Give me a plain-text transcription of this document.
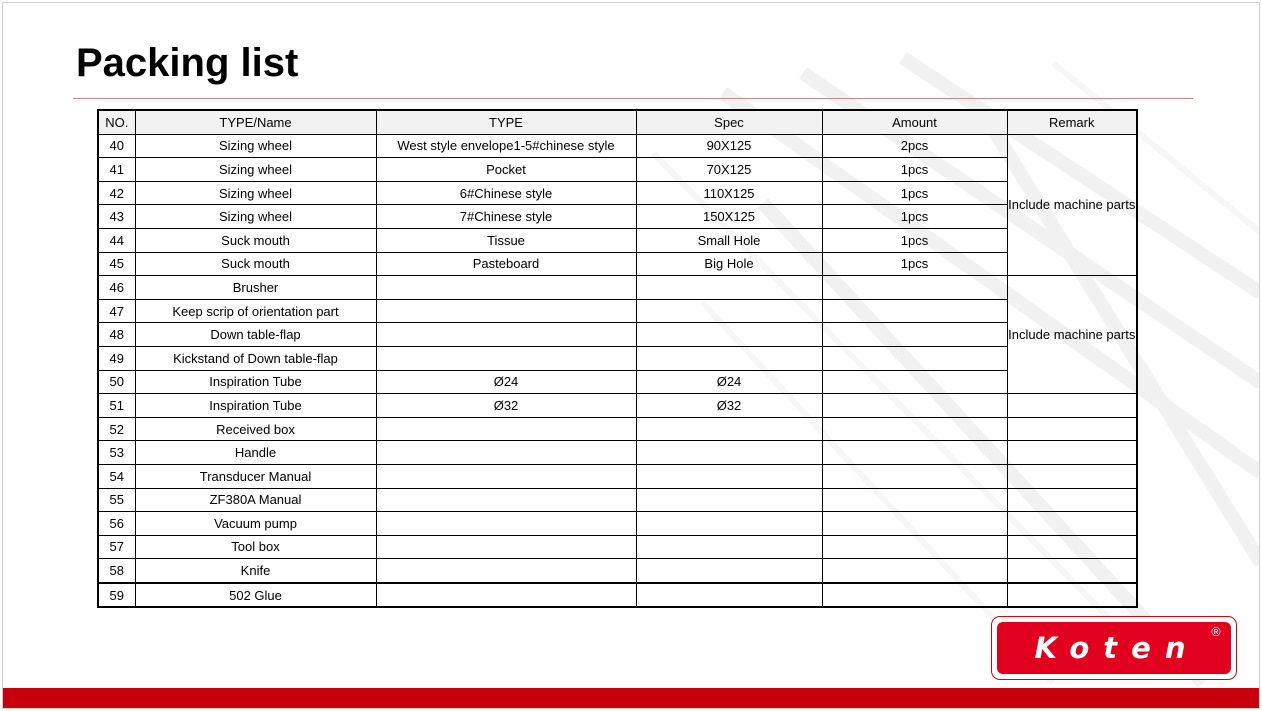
Packing list
NO.	TYPE/Name	TYPE	Spec	Amount	Remark
40	Sizing wheel	West style envelope1-5#chinese style	90X125	2pcs	Include machine parts
41	Sizing wheel	Pocket	70X125	1pcs	
42	Sizing wheel	6#Chinese style	110X125	1pcs	
43	Sizing wheel	7#Chinese style	150X125	1pcs	
44	Suck mouth	Tissue	Small Hole	1pcs	
45	Suck mouth	Pasteboard	Big Hole	1pcs	
46	Brusher				Include machine parts
47	Keep scrip of orientation part				
48	Down table-flap				
49	Kickstand of Down table-flap				
50	Inspiration Tube	Ø24	Ø24		
51	Inspiration Tube	Ø32	Ø32		
52	Received box				
53	Handle				
54	Transducer Manual				
55	ZF380A Manual				
56	Vacuum pump				
57	Tool box				
58	Knife				
59	502 Glue				
Koten ®
